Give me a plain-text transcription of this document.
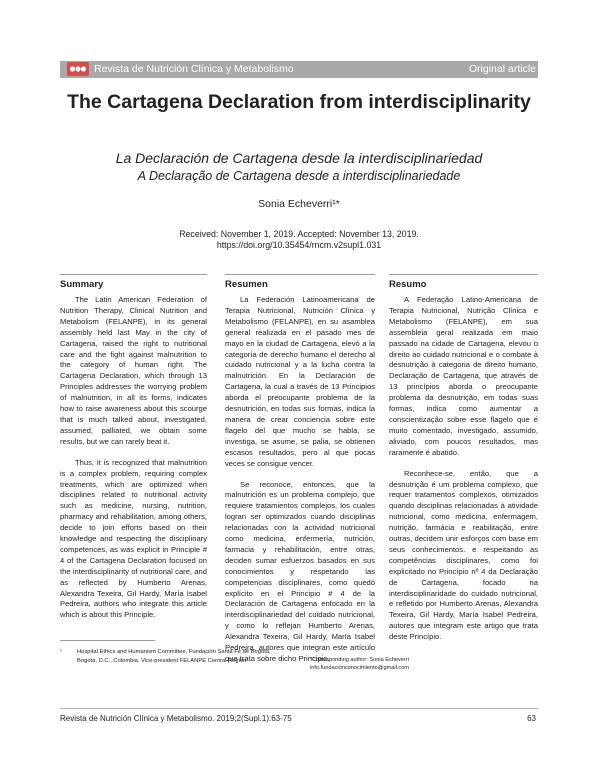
Revista de Nutrición Clínica y Metabolismo	Original article
The Cartagena Declaration from interdisciplinarity
La Declaración de Cartagena desde la interdisciplinariedad
A Declaração de Cartagena desde a interdisciplinariedade
Sonia Echeverri¹*
Received: November 1, 2019. Accepted: November 13, 2019.
https://doi.org/10.35454/rncm.v2supl1.031
Summary	Resumen	Resumo

The Latin American Federation of Nutrition Therapy, Clinical Nutrition and Metabolism (FELANPE), in its general assembly held last May in the city of Cartagena, raised the right to nutritional care and the fight against malnutrition to the category of human right. The Cartagena Declaration, which through 13 Principles addresses the worrying problem of malnutrition, in all its forms, indicates how to raise awareness about this scourge that is much talked about, investigated, assumed, palliated, we obtain some results, but we can rarely beat it.

Thus, it is recognized that malnutrition is a complex problem, requiring complex treatments, which are optimized when disciplines related to nutritional activity such as medicine, nursing, nutrition, pharmacy and rehabilitation, among others, decide to join efforts based on their knowledge and respecting the disciplinary competences, as was explicit in Principle # 4 of the Cartagena Declaration focused on the interdisciplinarity of nutritional care, and as reflected by Humberto Arenas, Alexandra Texeira, Gil Hardy, María Isabel Pedreira, authors who integrate this article which is about this Principle.

La Federación Latinoamericana de Terapia Nutricional, Nutrición Clínica y Metabolismo (FELANPE), en su asamblea general realizada en el pasado mes de mayo en la ciudad de Cartagena, elevó a la categoría de derecho humano el derecho al cuidado nutricional y a la lucha contra la malnutrición. En la Declaración de Cartagena, la cual a través de 13 Principios aborda el preocupante problema de la desnutrición, en todas sus formas, indica la manera de crear conciencia sobre este flagelo del que mucho se habla, se investiga, se asume, se palia, se obtienen escasos resultados, pero al que pocas veces se consigue vencer.

Se reconoce, entonces, que la malnutrición es un problema complejo, que requiere tratamientos complejos, los cuales logran ser optimizados cuando disciplinas relacionadas con la actividad nutricional como medicina, enfermería, nutrición, farmacia y rehabilitación, entre otras, deciden sumar esfuerzos basados en sus conocimientos y respetando las competencias disciplinares, como quedó explícito en el Principio # 4 de la Declaración de Cartagena enfocado en la interdisciplinariedad del cuidado nutricional, y como lo reflejan Humberto Arenas, Alexandra Texeira, Gil Hardy, María Isabel Pedreira, autores que integran este artículo que trata sobre dicho Principio.

A Federação Latino-Americana de Terapia Nutricional, Nutrição Clínica e Metabolismo (FELANPE), em sua assembleia geral realizada em maio passado na cidade de Cartagena, elevou o direito ao cuidado nutricional e o combate à desnutrição à categoria de direito humano, Declaração de Cartagena, que através de 13 princípios aborda o preocupante problema da desnutrição, em todas suas formas, indica como aumentar a conscientização sobre esse flagelo que é muito comentado, investigado, assumido, aliviado, com poucos resultados, mas raramente é abatido.

Reconhece-se, então, que a desnutrição é um problema complexo, que requer tratamentos complexos, otimizados quando disciplinas relacionadas à atividade nutricional, como medicina, enfermagem, nutrição, farmácia e reabilitação, entre outras, decidem unir esforços com base em seus conhecimentos. e respeitando as competências disciplinares, como foi explicitado no Princípio nº 4 da Declaração de Cartagena, focado na interdisciplinaridade do cuidado nutricional, e refletido por Humberto Arenas, Alexandra Texeira, Gil Hardy, María Isabel Pedreira, autores que integram este artigo que trata deste Princípio.

¹	Hospital Ethics and Humanism Committee, Fundación Santa Fe de Bogotá, Bogotá, D.C., Colombia. Vice-president FELANPE Central Region	*Corresponding author: Sonia Echeverri
info.fundacionconocimiento@gmail.com
Revista de Nutrición Clínica y Metabolismo. 2019;2(Supl.1):63-75	63
